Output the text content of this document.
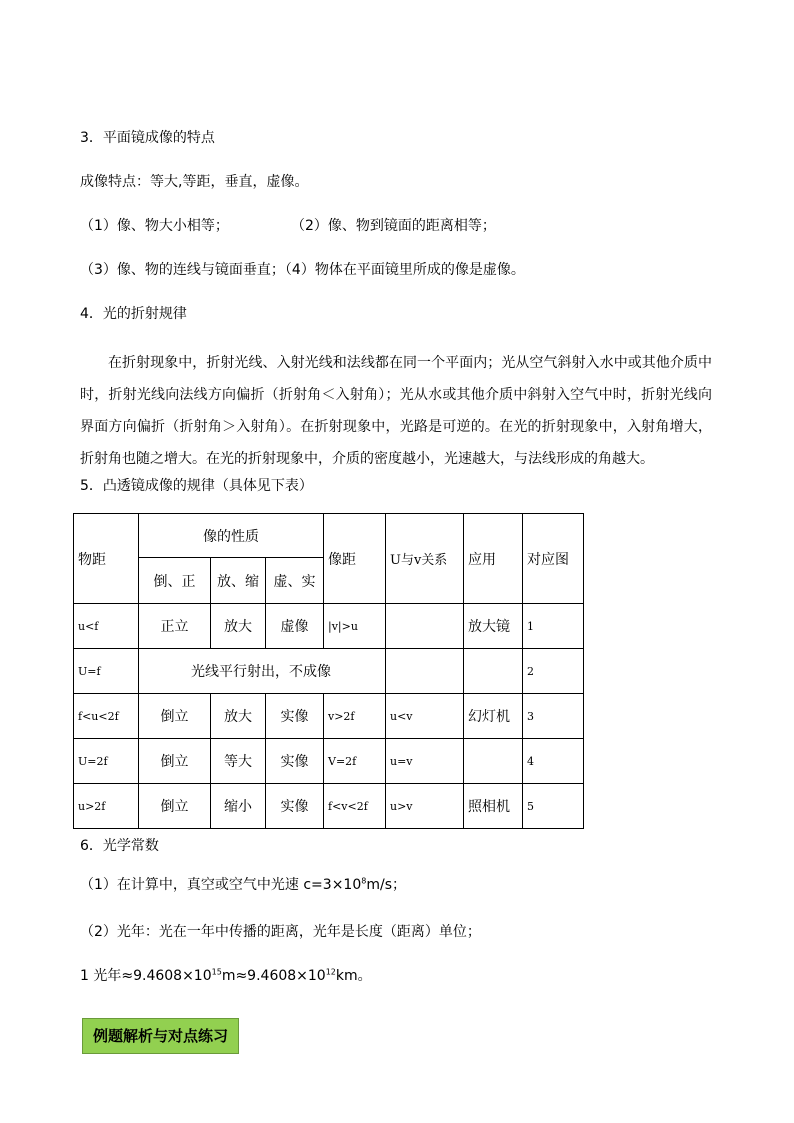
3．平面镜成像的特点
成像特点：等大,等距，垂直，虚像。
（1）像、物大小相等；	（2）像、物到镜面的距离相等；
（3）像、物的连线与镜面垂直；（4）物体在平面镜里所成的像是虚像。
4．光的折射规律
在折射现象中，折射光线、入射光线和法线都在同一个平面内；光从空气斜射入水中或其他介质中时，折射光线向法线方向偏折（折射角＜入射角）；光从水或其他介质中斜射入空气中时，折射光线向界面方向偏折（折射角＞入射角）。在折射现象中，光路是可逆的。在光的折射现象中，入射角增大，折射角也随之增大。在光的折射现象中，介质的密度越小，光速越大，与法线形成的角越大。
5．凸透镜成像的规律（具体见下表）
物距	像的性质			像距	U与v关系	应用	对应图
	倒、正	放、缩	虚、实				
u<f	正立	放大	虚像	|v|>u		放大镜	1
U=f	光线平行射出，不成像						2
f<u<2f	倒立	放大	实像	v>2f	u<v	幻灯机	3
U=2f	倒立	等大	实像	V=2f	u=v		4
u>2f	倒立	缩小	实像	f<v<2f	u>v	照相机	5
6．光学常数
（1）在计算中，真空或空气中光速 $c=3\times 10^8m/s$；
（2）光年：光在一年中传播的距离，光年是长度（距离）单位；
1 光年$\approx 9.4608\times 10^{15}m\approx 9.4608\times 10^{12}km$。
例题解析与对点练习
